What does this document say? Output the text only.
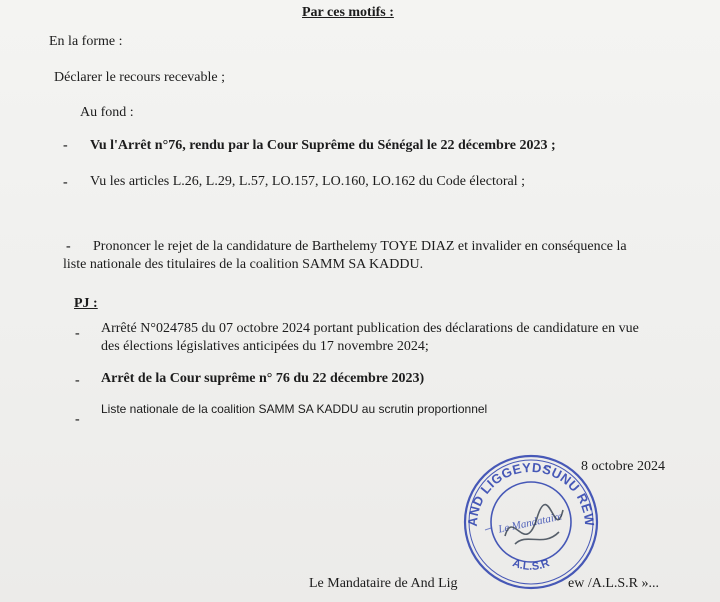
Par ces motifs :
En la forme :
Déclarer le recours recevable ;
Au fond :
- Vu l'Arrêt n°76, rendu par la Cour Suprême du Sénégal le 22 décembre 2023 ;
- Vu les articles L.26, L.29, L.57, LO.157, LO.160, LO.162 du Code électoral ;
- Prononcer le rejet de la candidature de Barthelemy TOYE DIAZ et invalider en conséquence la
liste nationale des titulaires de la coalition SAMM SA KADDU.
PJ :
- Arrêté N°024785 du 07 octobre 2024 portant publication des déclarations de candidature en vue
des élections législatives anticipées du 17 novembre 2024;
- Arrêt de la Cour suprême n° 76 du 22 décembre 2023)
-
Liste nationale de la coalition SAMM SA KADDU au scrutin proportionnel
8 octobre 2024
Le Mandataire de And Lig	ew /A.L.S.R »...
AND LIGGEYDSUNU REW
A.L.S.R
Le Mandataire
